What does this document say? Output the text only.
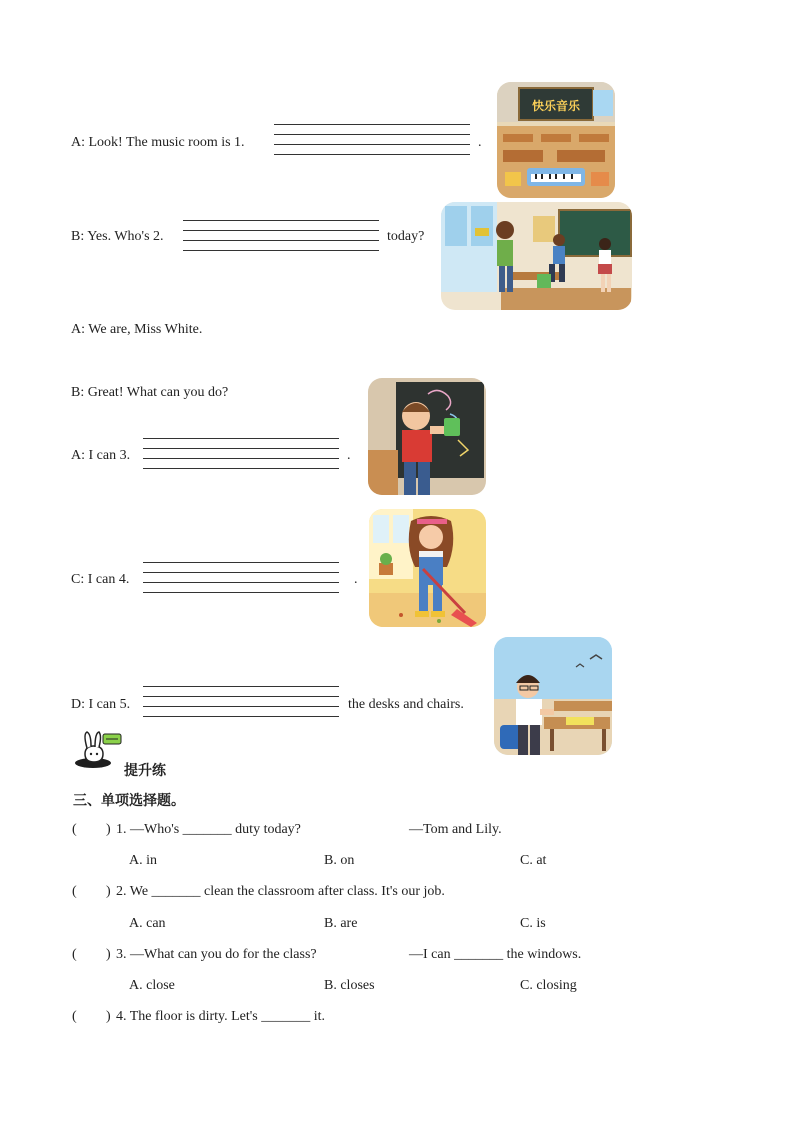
A: Look! The music room is 1.	.
快乐音乐
B: Yes. Who's 2.	today?
A: We are, Miss White.
B: Great! What can you do?
A: I can 3.	.
C: I can 4.	.
D: I can 5.	the desks and chairs.
提升练
三、单项选择题。
( ) 1. —Who's _______ duty today?	—Tom and Lily.
A. in	B. on	C. at
( ) 2. We _______ clean the classroom after class. It's our job.
A. can	B. are	C. is
( ) 3. —What can you do for the class?	—I can _______ the windows.
A. close	B. closes	C. closing
( ) 4. The floor is dirty. Let's _______ it.
